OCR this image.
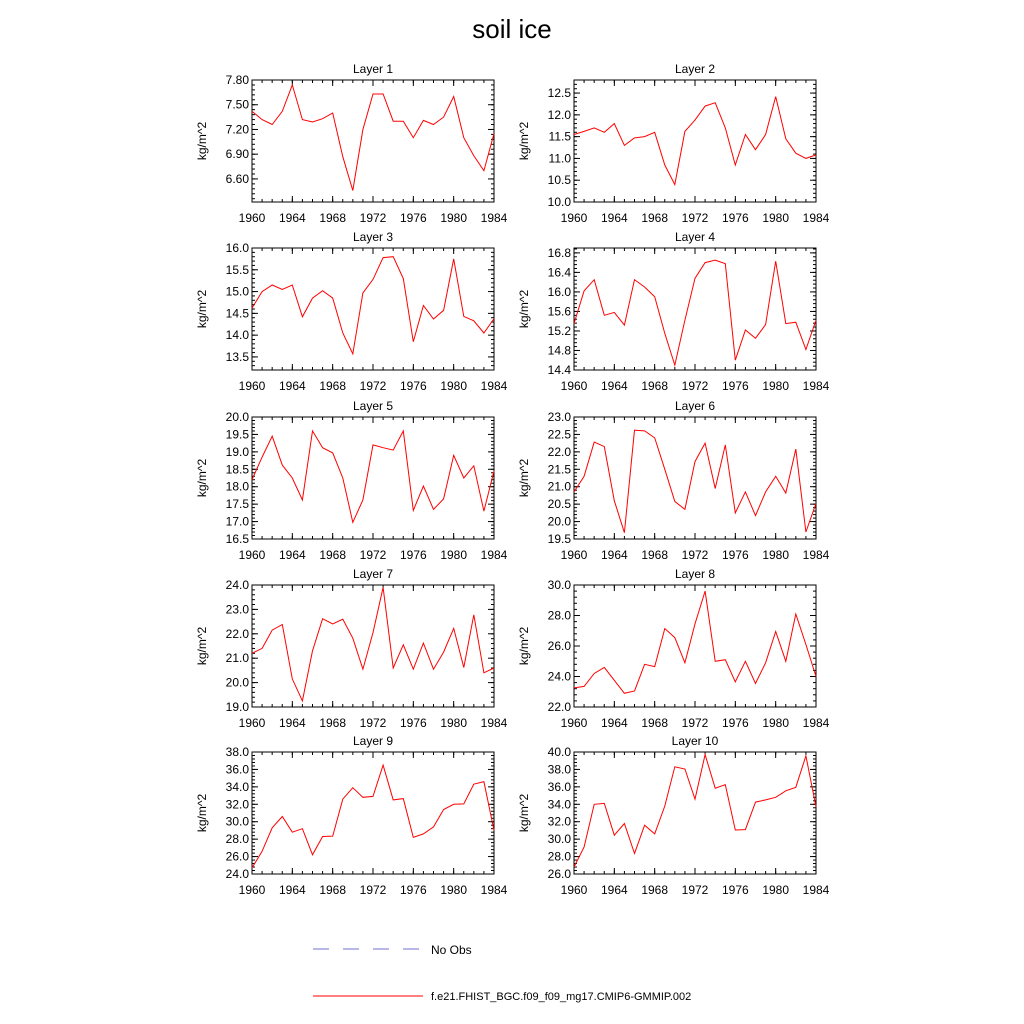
soil ice
Layer 1
1960 1964 1968 1972 1976 1980 1984
7.80
7.50
7.20
6.90
6.60
kg/m^2
Layer 2
1960 1964 1968 1972 1976 1980 1984
12.5
12.0
11.5
11.0
10.5
10.0
kg/m^2
Layer 3
1960 1964 1968 1972 1976 1980 1984
16.0
15.5
15.0
14.5
14.0
13.5
kg/m^2
Layer 4
1960 1964 1968 1972 1976 1980 1984
16.8
16.4
16.0
15.6
15.2
14.8
14.4
kg/m^2
Layer 5
1960 1964 1968 1972 1976 1980 1984
20.0
19.5
19.0
18.5
18.0
17.5
17.0
16.5
kg/m^2
Layer 6
1960 1964 1968 1972 1976 1980 1984
23.0
22.5
22.0
21.5
21.0
20.5
20.0
19.5
kg/m^2
Layer 7
1960 1964 1968 1972 1976 1980 1984
24.0
23.0
22.0
21.0
20.0
19.0
kg/m^2
Layer 8
1960 1964 1968 1972 1976 1980 1984
30.0
28.0
26.0
24.0
22.0
kg/m^2
Layer 9
1960 1964 1968 1972 1976 1980 1984
38.0
36.0
34.0
32.0
30.0
28.0
26.0
24.0
kg/m^2
Layer 10
1960 1964 1968 1972 1976 1980 1984
40.0
38.0
36.0
34.0
32.0
30.0
28.0
26.0
kg/m^2
No Obs
f.e21.FHIST_BGC.f09_f09_mg17.CMIP6-GMMIP.002
